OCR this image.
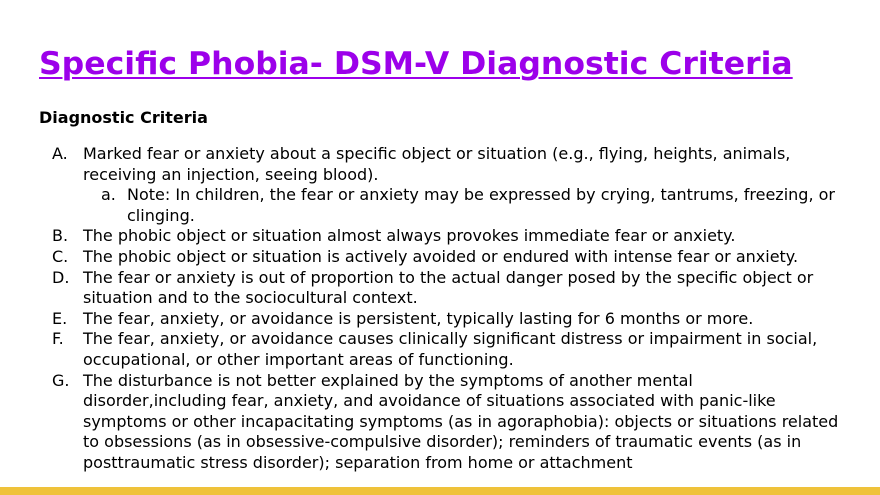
Specific Phobia- DSM-V Diagnostic Criteria
Diagnostic Criteria
A. Marked fear or anxiety about a specific object or situation (e.g., flying, heights, animals, receiving an injection, seeing blood).
a. Note: In children, the fear or anxiety may be expressed by crying, tantrums, freezing, or clinging.
B. The phobic object or situation almost always provokes immediate fear or anxiety.
C. The phobic object or situation is actively avoided or endured with intense fear or anxiety.
D. The fear or anxiety is out of proportion to the actual danger posed by the specific object or situation and to the sociocultural context.
E. The fear, anxiety, or avoidance is persistent, typically lasting for 6 months or more.
F. The fear, anxiety, or avoidance causes clinically significant distress or impairment in social, occupational, or other important areas of functioning.
G. The disturbance is not better explained by the symptoms of another mental disorder,including fear, anxiety, and avoidance of situations associated with panic-like symptoms or other incapacitating symptoms (as in agoraphobia): objects or situations related to obsessions (as in obsessive-compulsive disorder); reminders of traumatic events (as in posttraumatic stress disorder); separation from home or attachment
